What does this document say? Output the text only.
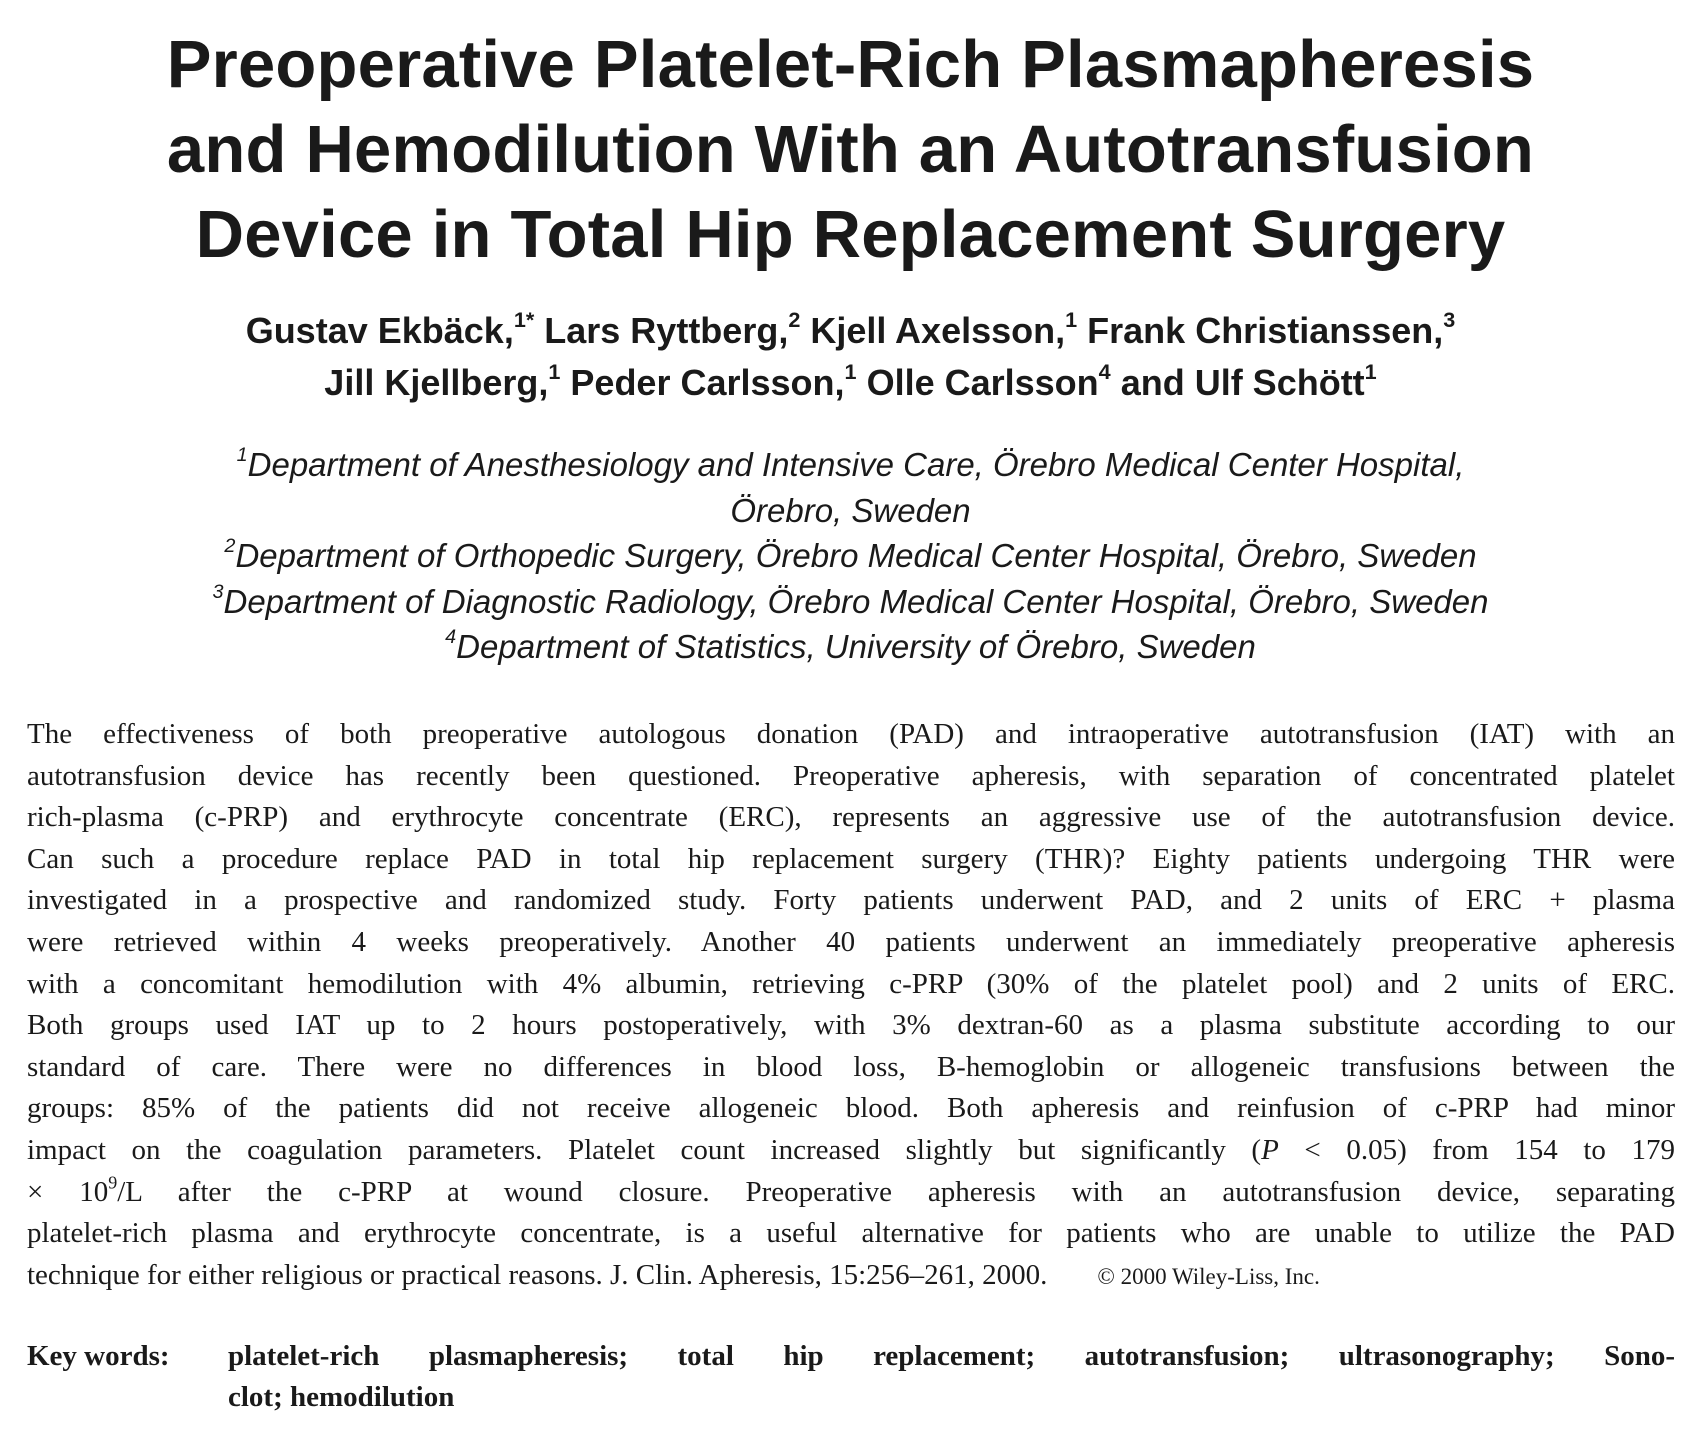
Preoperative Platelet-Rich Plasmapheresis
and Hemodilution With an Autotransfusion
Device in Total Hip Replacement Surgery
Gustav Ekbäck,$^{1*}$ Lars Ryttberg,$^2$ Kjell Axelsson,$^1$ Frank Christianssen,$^3$
Jill Kjellberg,$^1$ Peder Carlsson,$^1$ Olle Carlsson$^4$ and Ulf Schött$^1$
$^1$Department of Anesthesiology and Intensive Care, Örebro Medical Center Hospital,
Örebro, Sweden
$^2$Department of Orthopedic Surgery, Örebro Medical Center Hospital, Örebro, Sweden
$^3$Department of Diagnostic Radiology, Örebro Medical Center Hospital, Örebro, Sweden
$^4$Department of Statistics, University of Örebro, Sweden
The effectiveness of both preoperative autologous donation (PAD) and intraoperative autotransfusion (IAT) with an
autotransfusion device has recently been questioned. Preoperative apheresis, with separation of concentrated platelet
rich-plasma (c-PRP) and erythrocyte concentrate (ERC), represents an aggressive use of the autotransfusion device.
Can such a procedure replace PAD in total hip replacement surgery (THR)? Eighty patients undergoing THR were
investigated in a prospective and randomized study. Forty patients underwent PAD, and 2 units of ERC + plasma
were retrieved within 4 weeks preoperatively. Another 40 patients underwent an immediately preoperative apheresis
with a concomitant hemodilution with 4% albumin, retrieving c-PRP (30% of the platelet pool) and 2 units of ERC.
Both groups used IAT up to 2 hours postoperatively, with 3% dextran-60 as a plasma substitute according to our
standard of care. There were no differences in blood loss, B-hemoglobin or allogeneic transfusions between the
groups: 85% of the patients did not receive allogeneic blood. Both apheresis and reinfusion of c-PRP had minor
impact on the coagulation parameters. Platelet count increased slightly but significantly (P < 0.05) from 154 to 179
× $10^9/L$ after the c-PRP at wound closure. Preoperative apheresis with an autotransfusion device, separating
platelet-rich plasma and erythrocyte concentrate, is a useful alternative for patients who are unable to utilize the PAD
technique for either religious or practical reasons. J. Clin. Apheresis, 15:256–261, 2000. © 2000 Wiley-Liss, Inc.
Key words: platelet-rich plasmapheresis; total hip replacement; autotransfusion; ultrasonography; Sono-
clot; hemodilution
